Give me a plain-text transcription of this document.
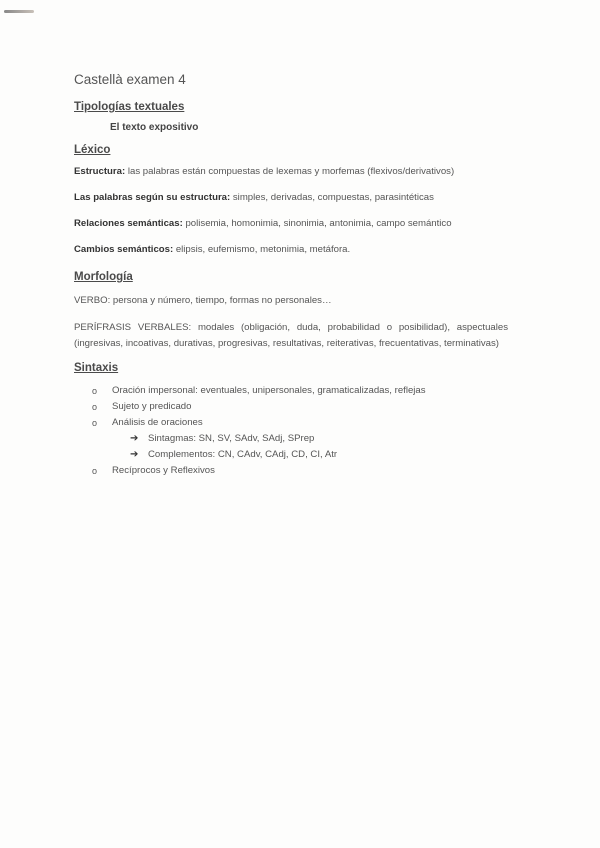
Castellà examen 4

Tipologías textuales

El texto expositivo

Léxico

Estructura: las palabras están compuestas de lexemas y morfemas (flexivos/derivativos)

Las palabras según su estructura: simples, derivadas, compuestas, parasintéticas

Relaciones semánticas: polisemia, homonimia, sinonimia, antonimia, campo semántico

Cambios semánticos: elipsis, eufemismo, metonimia, metáfora.

Morfología

VERBO: persona y número, tiempo, formas no personales…

PERÍFRASIS VERBALES: modales (obligación, duda, probabilidad o posibilidad), aspectuales (ingresivas, incoativas, durativas, progresivas, resultativas, reiterativas, frecuentativas, terminativas)

Sintaxis

o Oración impersonal: eventuales, unipersonales, gramaticalizadas, reflejas
o Sujeto y predicado
o Análisis de oraciones
➔ Sintagmas: SN, SV, SAdv, SAdj, SPrep
➔ Complementos: CN, CAdv, CAdj, CD, CI, Atr
o Recíprocos y Reflexivos
